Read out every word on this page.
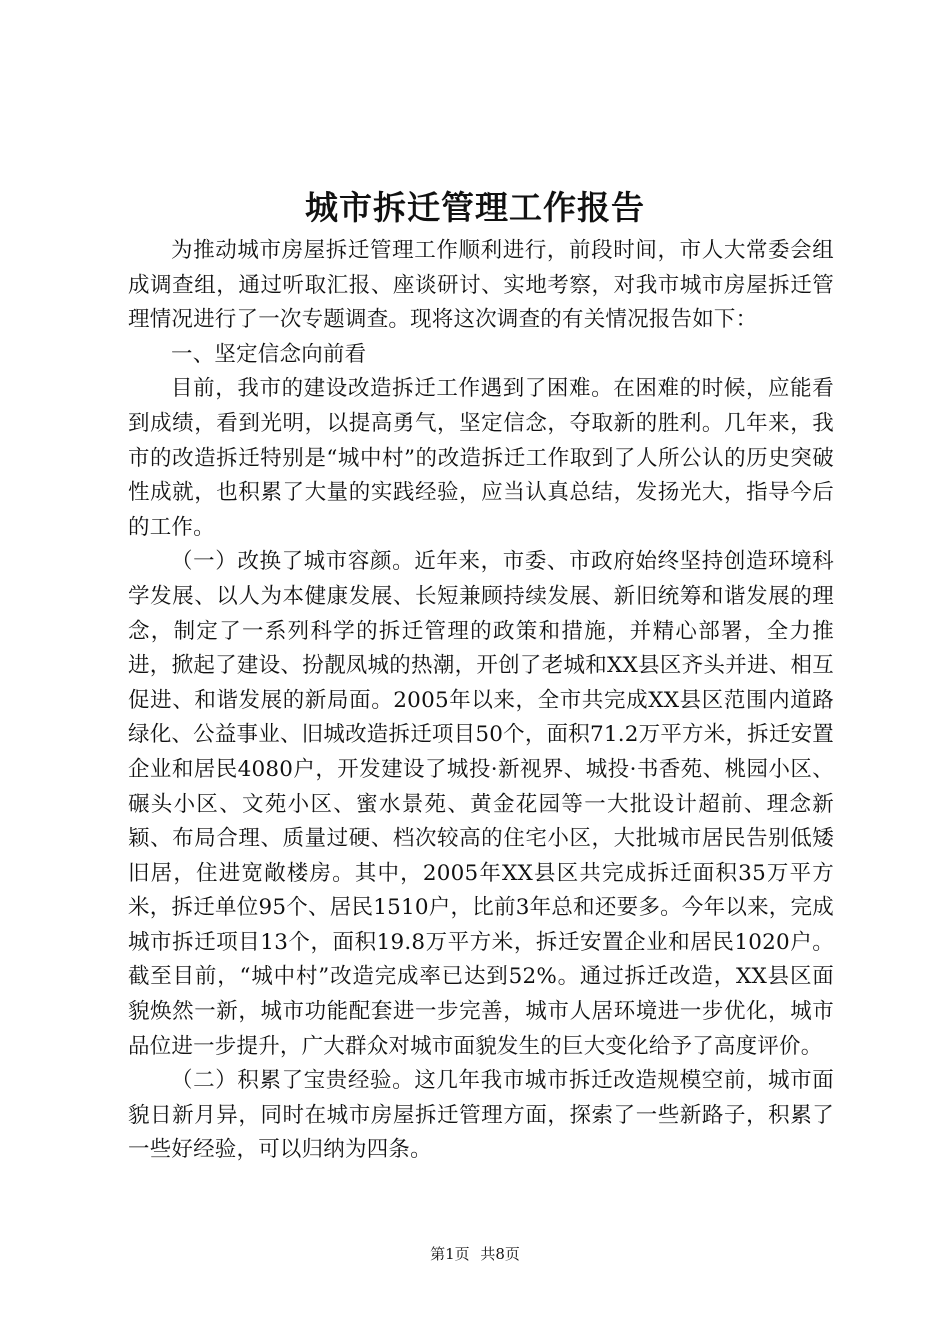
城市拆迁管理工作报告

为推动城市房屋拆迁管理工作顺利进行，前段时间，市人大常委会组成调查组，通过听取汇报、座谈研讨、实地考察，对我市城市房屋拆迁管理情况进行了一次专题调查。现将这次调查的有关情况报告如下：

一、坚定信念向前看

目前，我市的建设改造拆迁工作遇到了困难。在困难的时候，应能看到成绩，看到光明，以提高勇气，坚定信念，夺取新的胜利。几年来，我市的改造拆迁特别是“城中村”的改造拆迁工作取到了人所公认的历史突破性成就，也积累了大量的实践经验，应当认真总结，发扬光大，指导今后的工作。

（一）改换了城市容颜。近年来，市委、市政府始终坚持创造环境科学发展、以人为本健康发展、长短兼顾持续发展、新旧统筹和谐发展的理念，制定了一系列科学的拆迁管理的政策和措施，并精心部署，全力推进，掀起了建设、扮靓凤城的热潮，开创了老城和XX县区齐头并进、相互促进、和谐发展的新局面。2005年以来，全市共完成XX县区范围内道路绿化、公益事业、旧城改造拆迁项目50个，面积71.2万平方米，拆迁安置企业和居民4080户，开发建设了城投·新视界、城投·书香苑、桃园小区、碾头小区、文苑小区、蜜水景苑、黄金花园等一大批设计超前、理念新颖、布局合理、质量过硬、档次较高的住宅小区，大批城市居民告别低矮旧居，住进宽敞楼房。其中，2005年XX县区共完成拆迁面积35万平方米，拆迁单位95个、居民1510户，比前3年总和还要多。今年以来，完成城市拆迁项目13个，面积19.8万平方米，拆迁安置企业和居民1020户。截至目前，“城中村”改造完成率已达到52%。通过拆迁改造，XX县区面貌焕然一新，城市功能配套进一步完善，城市人居环境进一步优化，城市品位进一步提升，广大群众对城市面貌发生的巨大变化给予了高度评价。

（二）积累了宝贵经验。这几年我市城市拆迁改造规模空前，城市面貌日新月异，同时在城市房屋拆迁管理方面，探索了一些新路子，积累了一些好经验，可以归纳为四条。

第1页 共8页
